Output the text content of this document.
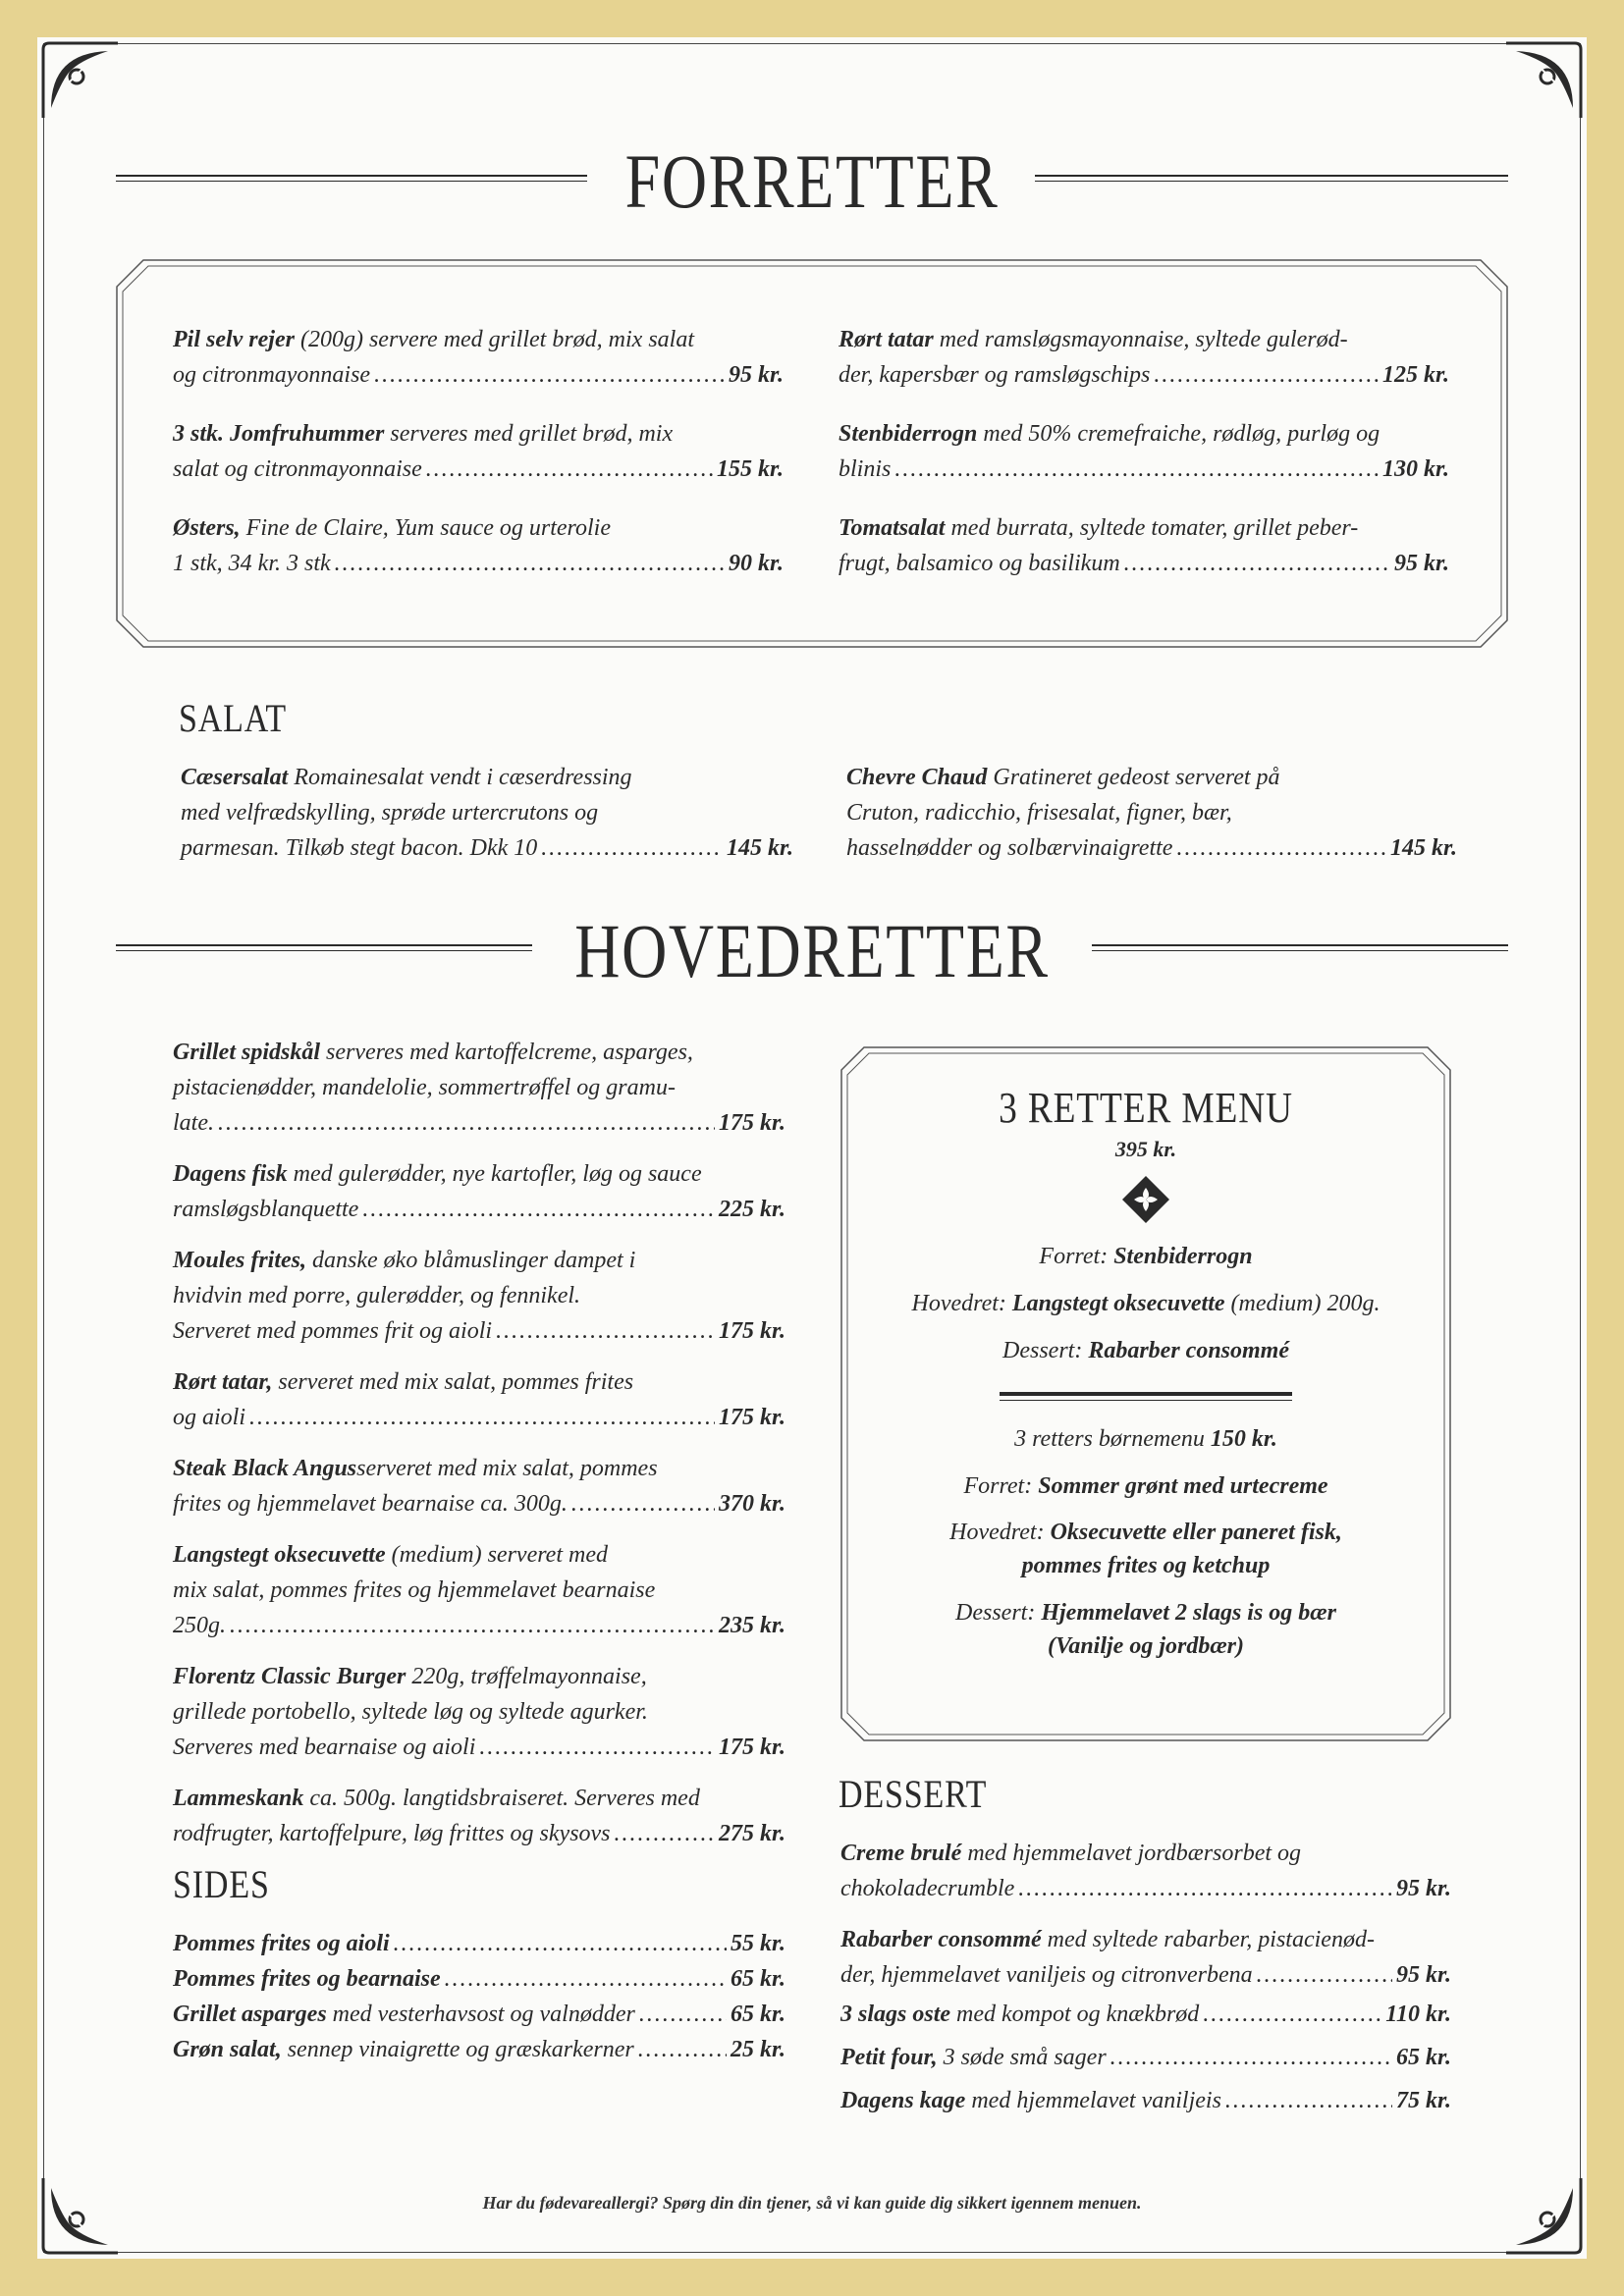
FORRETTER
Pil selv rejer (200g) servere med grillet brød, mix salat
og citronmayonnaise .....	95 kr.
3 stk. Jomfruhummer serveres med grillet brød, mix
salat og citronmayonnaise .....	155 kr.
Østers, Fine de Claire, Yum sauce og urterolie
1 stk, 34 kr. 3 stk .....	90 kr.
Rørt tatar med ramsløgsmayonnaise, syltede gulerød-
der, kapersbær og ramsløgschips .....	125 kr.
Stenbiderrogn med 50% cremefraiche, rødløg, purløg og
blinis .....	130 kr.
Tomatsalat med burrata, syltede tomater, grillet peber-
frugt, balsamico og basilikum .....	95 kr.
SALAT
Cæsersalat Romainesalat vendt i cæserdressing
med velfrædskylling, sprøde urtercrutons og
parmesan. Tilkøb stegt bacon. Dkk 10 .....	145 kr.
Chevre Chaud Gratineret gedeost serveret på
Cruton, radicchio, frisesalat, figner, bær,
hasselnødder og solbærvinaigrette .....	145 kr.
HOVEDRETTER
Grillet spidskål serveres med kartoffelcreme, asparges,
pistacienødder, mandelolie, sommertrøffel og gramu-
late. .....	175 kr.
Dagens fisk med gulerødder, nye kartofler, løg og sauce
ramsløgsblanquette .....	225 kr.
Moules frites, danske øko blåmuslinger dampet i
hvidvin med porre, gulerødder, og fennikel.
Serveret med pommes frit og aioli .....	175 kr.
Rørt tatar, serveret med mix salat, pommes frites
og aioli .....	175 kr.
Steak Black Angusserveret med mix salat, pommes
frites og hjemmelavet bearnaise ca. 300g. .....	370 kr.
Langstegt oksecuvette (medium) serveret med
mix salat, pommes frites og hjemmelavet bearnaise
250g. .....	235 kr.
Florentz Classic Burger 220g, trøffelmayonnaise,
grillede portobello, syltede løg og syltede agurker.
Serveres med bearnaise og aioli .....	175 kr.
Lammeskank ca. 500g. langtidsbraiseret. Serveres med
rodfrugter, kartoffelpure, løg frittes og skysovs .....	275 kr.
SIDES
Pommes frites og aioli .....	55 kr.
Pommes frites og bearnaise .....	65 kr.
Grillet asparges med vesterhavsost og valnødder .....	65 kr.
Grøn salat, sennep vinaigrette og græskarkerner .....	25 kr.
3 RETTER MENU
395 kr.
Forret: Stenbiderrogn
Hovedret: Langstegt oksecuvette (medium) 200g.
Dessert: Rabarber consommé
3 retters børnemenu 150 kr.
Forret: Sommer grønt med urtecreme
Hovedret: Oksecuvette eller paneret fisk,
pommes frites og ketchup
Dessert: Hjemmelavet 2 slags is og bær
(Vanilje og jordbær)
DESSERT
Creme brulé med hjemmelavet jordbærsorbet og
chokoladecrumble .....	95 kr.
Rabarber consommé med syltede rabarber, pistacienød-
der, hjemmelavet vaniljeis og citronverbena .....	95 kr.
3 slags oste med kompot og knækbrød .....	110 kr.
Petit four, 3 søde små sager .....	65 kr.
Dagens kage med hjemmelavet vaniljeis .....	75 kr.
Har du fødevareallergi? Spørg din din tjener, så vi kan guide dig sikkert igennem menuen.
